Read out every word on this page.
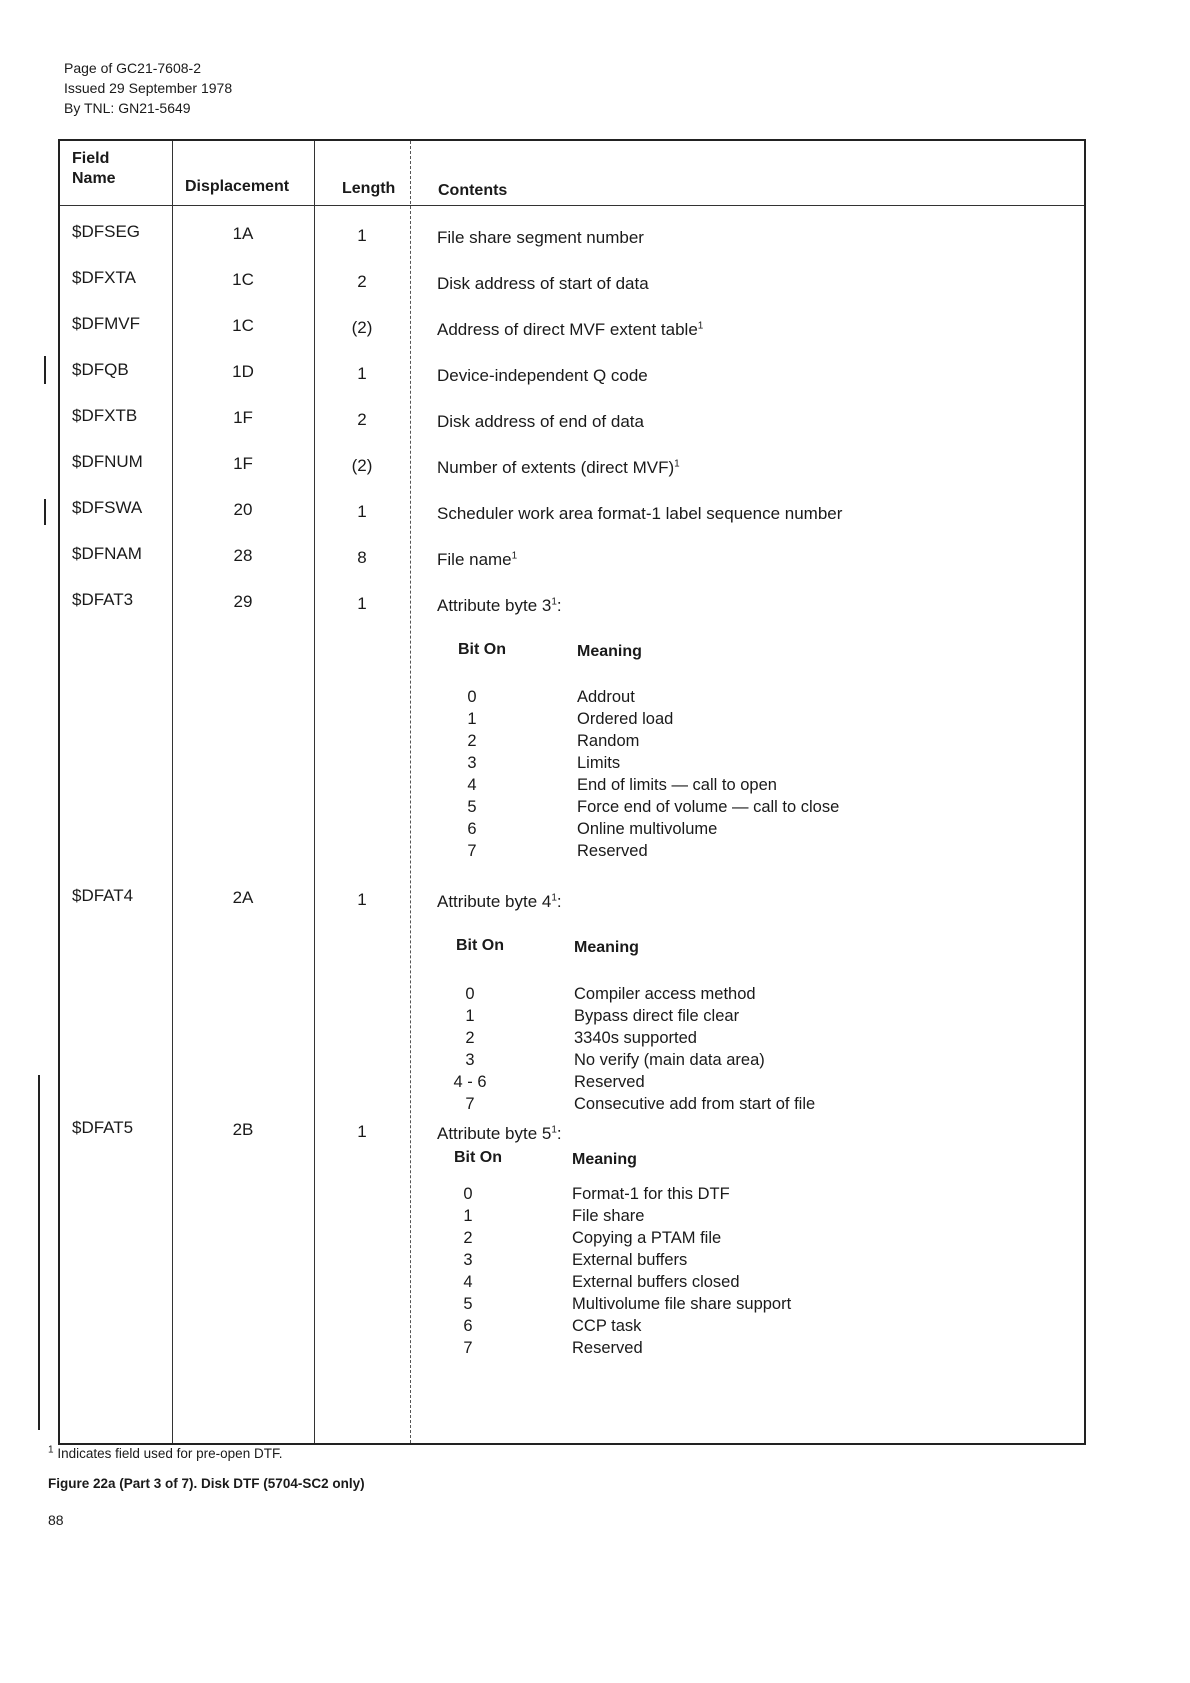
Page of GC21-7608-2
Issued 29 September 1978
By TNL: GN21-5649
Field
Name	Displacement	Length	Contents
$DFSEG	1A	1	File share segment number
$DFXTA	1C	2	Disk address of start of data
$DFMVF	1C	(2)	Address of direct MVF extent table$^1$
$DFQB	1D	1	Device-independent Q code
$DFXTB	1F	2	Disk address of end of data
$DFNUM	1F	(2)	Number of extents (direct MVF)$^1$
$DFSWA	20	1	Scheduler work area format-1 label sequence number
$DFNAM	28	8	File name$^1$
$DFAT3	29	1	Attribute byte $3^1$:
Bit On	Meaning
0	Addrout
1	Ordered load
2	Random
3	Limits
4	End of limits — call to open
5	Force end of volume — call to close
6	Online multivolume
7	Reserved
$DFAT4	2A	1	Attribute byte $4^1$:
Bit On	Meaning
0	Compiler access method
1	Bypass direct file clear
2	3340s supported
3	No verify (main data area)
4 - 6	Reserved
7	Consecutive add from start of file
$DFAT5	2B	1	Attribute byte $5^1$:
Bit On	Meaning
0	Format-1 for this DTF
1	File share
2	Copying a PTAM file
3	External buffers
4	External buffers closed
5	Multivolume file share support
6	CCP task
7	Reserved
$^1$ Indicates field used for pre-open DTF.
Figure 22a (Part 3 of 7). Disk DTF (5704-SC2 only)
88
